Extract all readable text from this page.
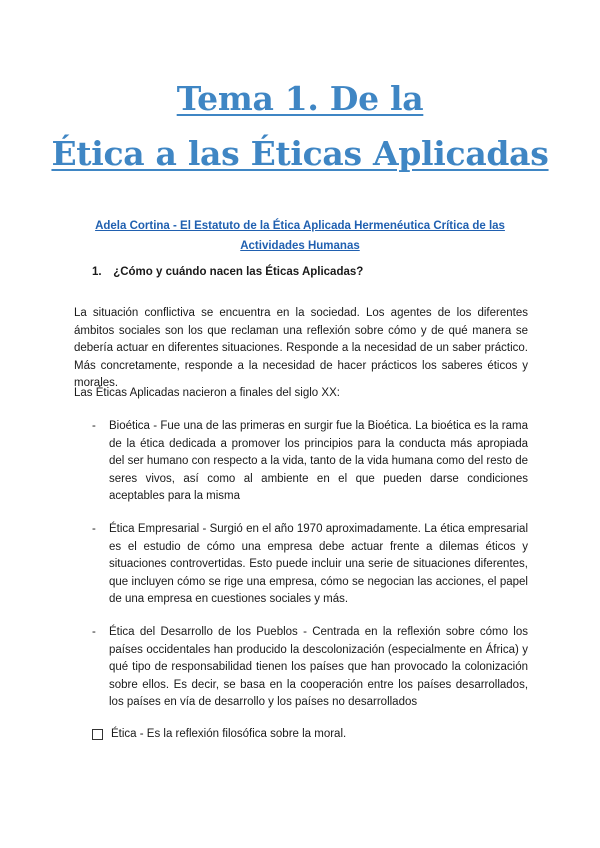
Tema 1. De la
Ética a las Éticas Aplicadas

Adela Cortina - El Estatuto de la Ética Aplicada Hermenéutica Crítica de las Actividades Humanas

1. ¿Cómo y cuándo nacen las Éticas Aplicadas?

La situación conflictiva se encuentra en la sociedad. Los agentes de los diferentes ámbitos sociales son los que reclaman una reflexión sobre cómo y de qué manera se debería actuar en diferentes situaciones. Responde a la necesidad de un saber práctico. Más concretamente, responde a la necesidad de hacer prácticos los saberes éticos y morales.

Las Éticas Aplicadas nacieron a finales del siglo XX:

- Bioética - Fue una de las primeras en surgir fue la Bioética. La bioética es la rama de la ética dedicada a promover los principios para la conducta más apropiada del ser humano con respecto a la vida, tanto de la vida humana como del resto de seres vivos, así como al ambiente en el que pueden darse condiciones aceptables para la misma
- Ética Empresarial - Surgió en el año 1970 aproximadamente. La ética empresarial es el estudio de cómo una empresa debe actuar frente a dilemas éticos y situaciones controvertidas. Esto puede incluir una serie de situaciones diferentes, que incluyen cómo se rige una empresa, cómo se negocian las acciones, el papel de una empresa en cuestiones sociales y más.
- Ética del Desarrollo de los Pueblos - Centrada en la reflexión sobre cómo los países occidentales han producido la descolonización (especialmente en África) y qué tipo de responsabilidad tienen los países que han provocado la colonización sobre ellos. Es decir, se basa en la cooperación entre los países desarrollados, los países en vía de desarrollo y los países no desarrollados
Ética - Es la reflexión filosófica sobre la moral.
